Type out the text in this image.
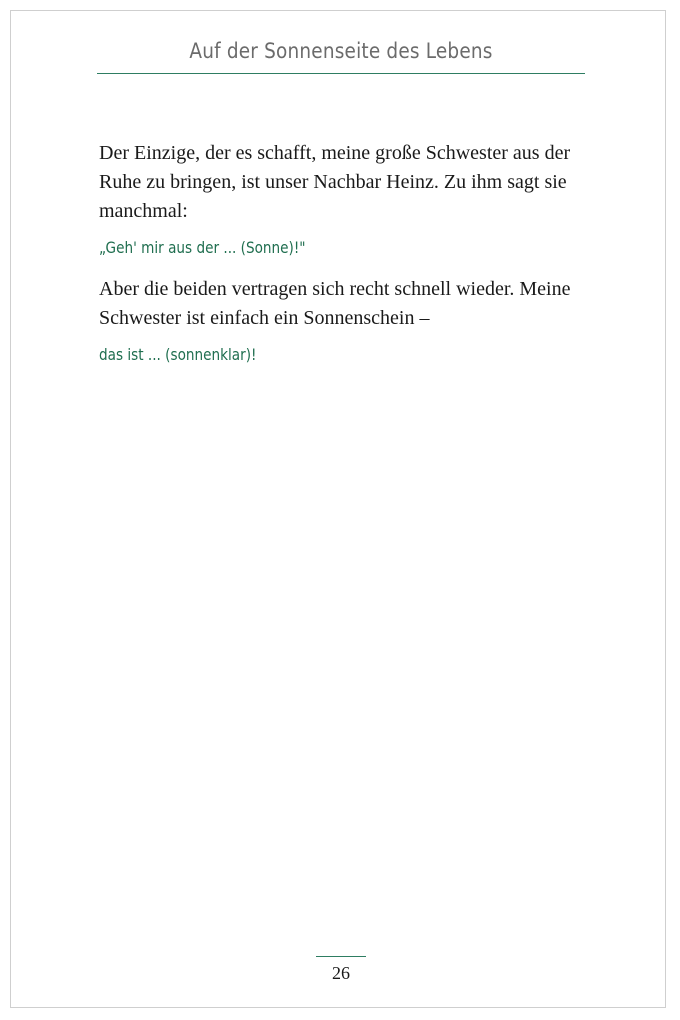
Auf der Sonnenseite des Lebens

Der Einzige, der es schafft, meine große Schwester aus der Ruhe zu bringen, ist unser Nachbar Heinz. Zu ihm sagt sie manchmal:

„Geh' mir aus der ... (Sonne)!"

Aber die beiden vertragen sich recht schnell wieder. Meine Schwester ist einfach ein Sonnenschein –

das ist ... (sonnenklar)!

26
